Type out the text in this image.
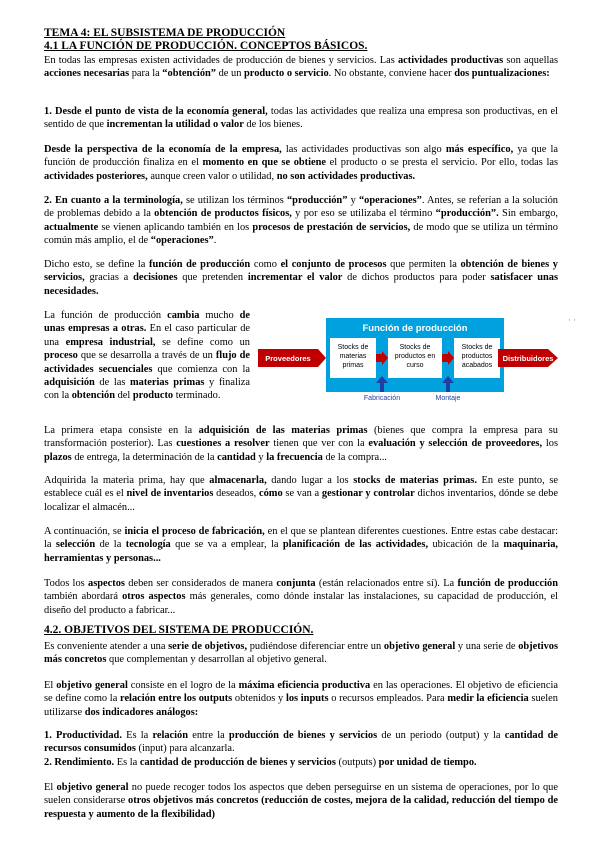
TEMA 4: EL SUBSISTEMA DE PRODUCCIÓN
4.1 LA FUNCIÓN DE PRODUCCIÓN. CONCEPTOS BÁSICOS.
En todas las empresas existen actividades de producción de bienes y servicios. Las actividades productivas son aquellas acciones necesarias para la “obtención” de un producto o servicio. No obstante, conviene hacer dos puntualizaciones:
1. Desde el punto de vista de la economía general, todas las actividades que realiza una empresa son productivas, en el sentido de que incrementan la utilidad o valor de los bienes.
Desde la perspectiva de la economía de la empresa, las actividades productivas son algo más específico, ya que la función de producción finaliza en el momento en que se obtiene el producto o se presta el servicio. Por ello, todas las actividades posteriores, aunque creen valor o utilidad, no son actividades productivas.
2. En cuanto a la terminología, se utilizan los términos “producción” y “operaciones”. Antes, se referían a la solución de problemas debido a la obtención de productos físicos, y por eso se utilizaba el término “producción”. Sin embargo, actualmente se vienen aplicando también en los procesos de prestación de servicios, de modo que se utiliza un término común más amplio, el de “operaciones”.
Dicho esto, se define la función de producción como el conjunto de procesos que permiten la obtención de bienes y servicios, gracias a decisiones que pretenden incrementar el valor de dichos productos para poder satisfacer unas necesidades.
La función de producción cambia mucho de unas empresas a otras. En el caso particular de una empresa industrial, se define como un proceso que se desarrolla a través de un flujo de actividades secuenciales que comienza con la adquisición de las materias primas y finaliza con la obtención del producto terminado.
Función de producción
Proveedores
Stocks de
materias
primas
Stocks de
productos en
curso
Stocks de
productos
acabados
Distribuidores
Fabricación	Montaje
· ·
La primera etapa consiste en la adquisición de las materias primas (bienes que compra la empresa para su transformación posterior). Las cuestiones a resolver tienen que ver con la evaluación y selección de proveedores, los plazos de entrega, la determinación de la cantidad y la frecuencia de la compra...
Adquirida la materia prima, hay que almacenarla, dando lugar a los stocks de materias primas. En este punto, se establece cuál es el nivel de inventarios deseados, cómo se van a gestionar y controlar dichos inventarios, dónde se debe localizar el almacén...
A continuación, se inicia el proceso de fabricación, en el que se plantean diferentes cuestiones. Entre estas cabe destacar: la selección de la tecnología que se va a emplear, la planificación de las actividades, ubicación de la maquinaria, herramientas y personas...
Todos los aspectos deben ser considerados de manera conjunta (están relacionados entre sí). La función de producción también abordará otros aspectos más generales, como dónde instalar las instalaciones, su capacidad de producción, el diseño del producto a fabricar...
4.2. OBJETIVOS DEL SISTEMA DE PRODUCCIÓN.
Es conveniente atender a una serie de objetivos, pudiéndose diferenciar entre un objetivo general y una serie de objetivos más concretos que complementan y desarrollan al objetivo general.
El objetivo general consiste en el logro de la máxima eficiencia productiva en las operaciones. El objetivo de eficiencia se define como la relación entre los outputs obtenidos y los inputs o recursos empleados. Para medir la eficiencia suelen utilizarse dos indicadores análogos:
1. Productividad. Es la relación entre la producción de bienes y servicios de un periodo (output) y la cantidad de recursos consumidos (input) para alcanzarla.
2. Rendimiento. Es la cantidad de producción de bienes y servicios (outputs) por unidad de tiempo.
El objetivo general no puede recoger todos los aspectos que deben perseguirse en un sistema de operaciones, por lo que suelen considerarse otros objetivos más concretos (reducción de costes, mejora de la calidad, reducción del tiempo de respuesta y aumento de la flexibilidad)
